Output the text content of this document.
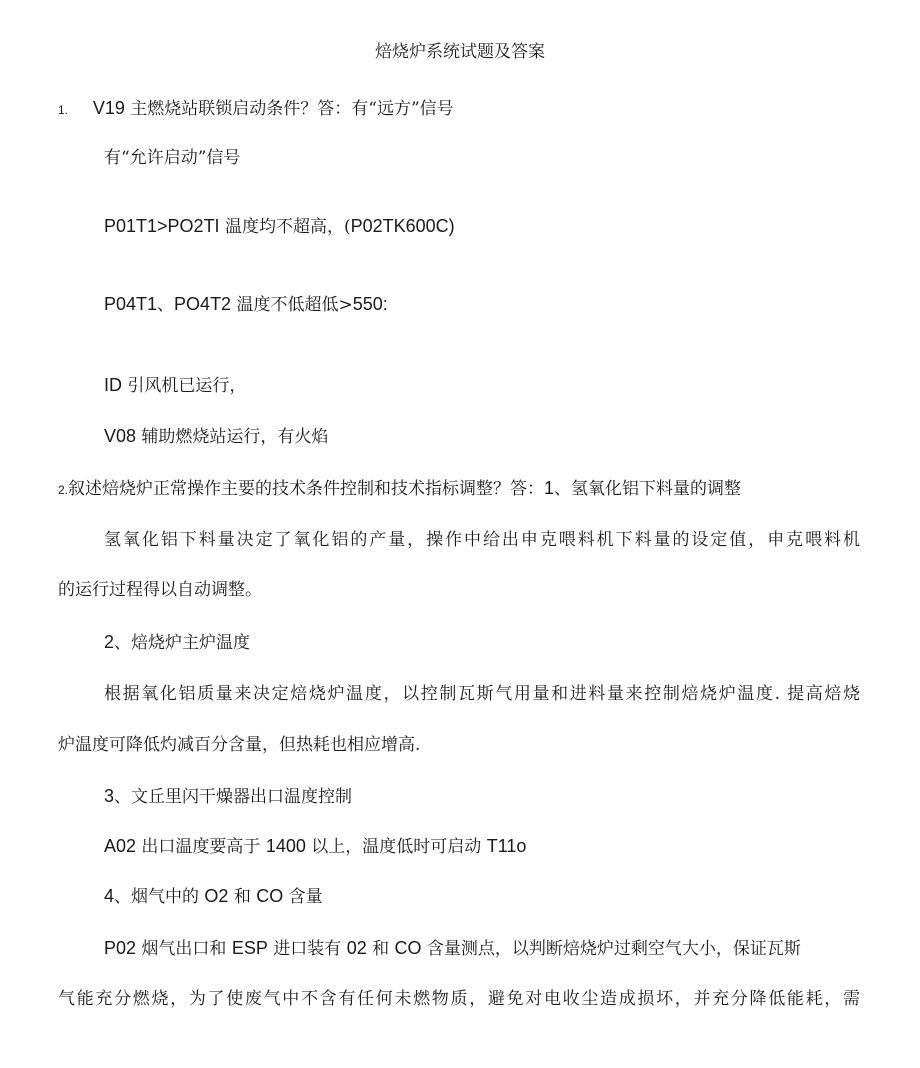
焙烧炉系统试题及答案
1. V19 主燃烧站联锁启动条件？答：有“远方”信号
有“允许启动”信号
P01T1>PO2TI 温度均不超高，(P02TK600C)
P04T1、PO4T2 温度不低超低>550:
ID 引风机已运行，
V08 辅助燃烧站运行，有火焰
2.叙述焙烧炉正常操作主要的技术条件控制和技术指标调整？答：1、氢氧化铝下料量的调整
氢氧化铝下料量决定了氧化铝的产量，操作中给出申克喂料机下料量的设定值，申克喂料机
的运行过程得以自动调整。
2、焙烧炉主炉温度
根据氧化铝质量来决定焙烧炉温度，以控制瓦斯气用量和进料量来控制焙烧炉温度. 提高焙烧
炉温度可降低灼减百分含量，但热耗也相应增高.
3、文丘里闪干燥器出口温度控制
A02 出口温度要高于 1400 以上，温度低时可启动 T11o
4、烟气中的 O2 和 CO 含量
P02 烟气出口和 ESP 进口装有 02 和 CO 含量测点，以判断焙烧炉过剩空气大小，保证瓦斯
气能充分燃烧，为了使废气中不含有任何未燃物质，避免对电收尘造成损坏，并充分降低能耗，需
